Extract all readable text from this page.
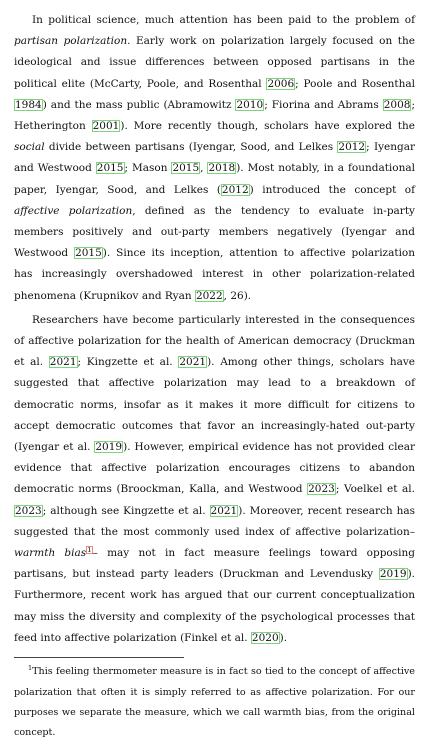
In political science, much attention has been paid to the problem of partisan polarization. Early work on polarization largely focused on the ideological and issue differences between opposed partisans in the political elite (McCarty, Poole, and Rosenthal 2006; Poole and Rosenthal 1984) and the mass public (Abramowitz 2010; Fiorina and Abrams 2008; Hetherington 2001). More recently though, scholars have explored the social divide between partisans (Iyengar, Sood, and Lelkes 2012; Iyengar and Westwood 2015; Mason 2015, 2018). Most notably, in a foundational paper, Iyengar, Sood, and Lelkes (2012) introduced the concept of affective polarization, defined as the tendency to evaluate in-party members positively and out-party members negatively (Iyengar and Westwood 2015). Since its inception, attention to affective polarization has increasingly overshadowed interest in other polarization-related phenomena (Krupnikov and Ryan 2022, 26).

Researchers have become particularly interested in the consequences of affective polarization for the health of American democracy (Druckman et al. 2021; Kingzette et al. 2021). Among other things, scholars have suggested that affective polarization may lead to a breakdown of democratic norms, insofar as it makes it more difficult for citizens to accept democratic outcomes that favor an increasingly-hated out-party (Iyengar et al. 2019). However, empirical evidence has not provided clear evidence that affective polarization encourages citizens to abandon democratic norms (Broockman, Kalla, and Westwood 2023; Voelkel et al. 2023; although see Kingzette et al. 2021). Moreover, recent research has suggested that the most commonly used index of affective polarization–warmth bias$^1$– may not in fact measure feelings toward opposing partisans, but instead party leaders (Druckman and Levendusky 2019). Furthermore, recent work has argued that our current conceptualization may miss the diversity and complexity of the psychological processes that feed into affective polarization (Finkel et al. 2020).

$^1$This feeling thermometer measure is in fact so tied to the concept of affective polarization that often it is simply referred to as affective polarization. For our purposes we separate the measure, which we call warmth bias, from the original concept.
